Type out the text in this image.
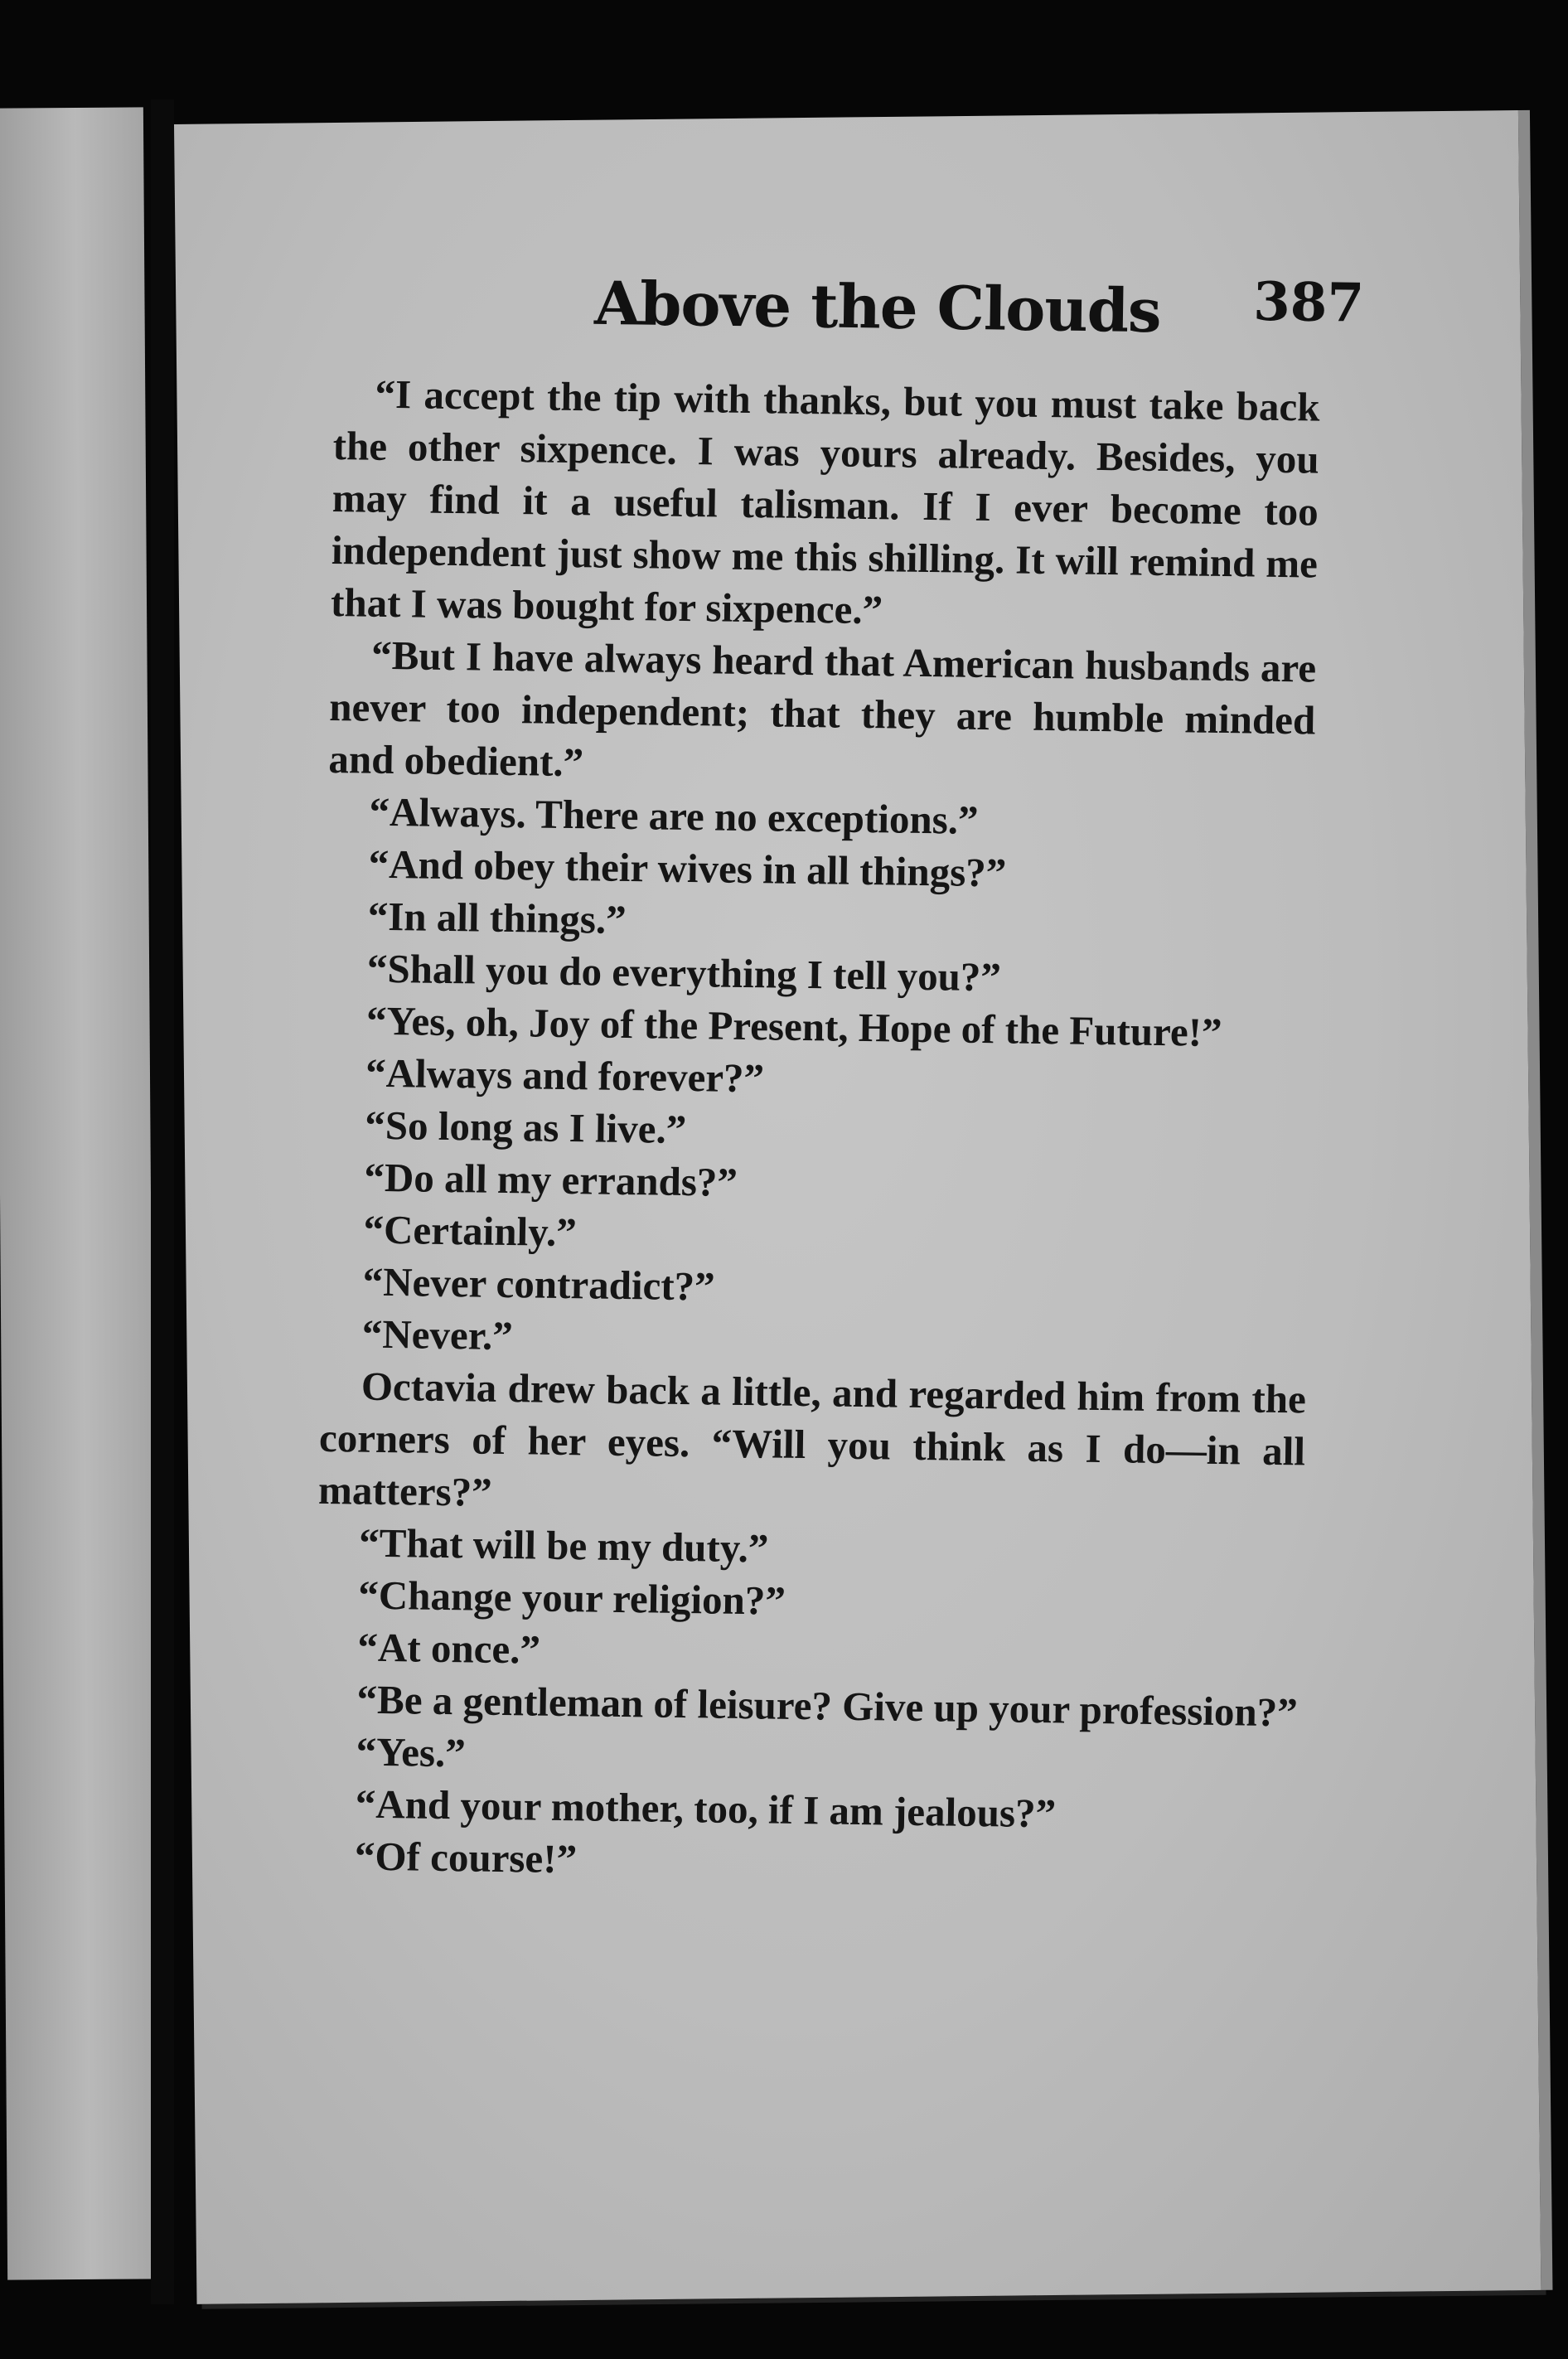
Above the Clouds 387

“I accept the tip with thanks, but you must take back the other sixpence. I was yours already. Besides, you may find it a useful talisman. If I ever become too independent just show me this shilling. It will remind me that I was bought for sixpence.”

“But I have always heard that American husbands are never too independent; that they are humble minded and obedient.”

“Always. There are no exceptions.”

“And obey their wives in all things?”

“In all things.”

“Shall you do everything I tell you?”

“Yes, oh, Joy of the Present, Hope of the Future!”

“Always and forever?”

“So long as I live.”

“Do all my errands?”

“Certainly.”

“Never contradict?”

“Never.”

Octavia drew back a little, and regarded him from the corners of her eyes. “Will you think as I do—in all matters?”

“That will be my duty.”

“Change your religion?”

“At once.”

“Be a gentleman of leisure? Give up your profession?”

“Yes.”

“And your mother, too, if I am jealous?”

“Of course!”
